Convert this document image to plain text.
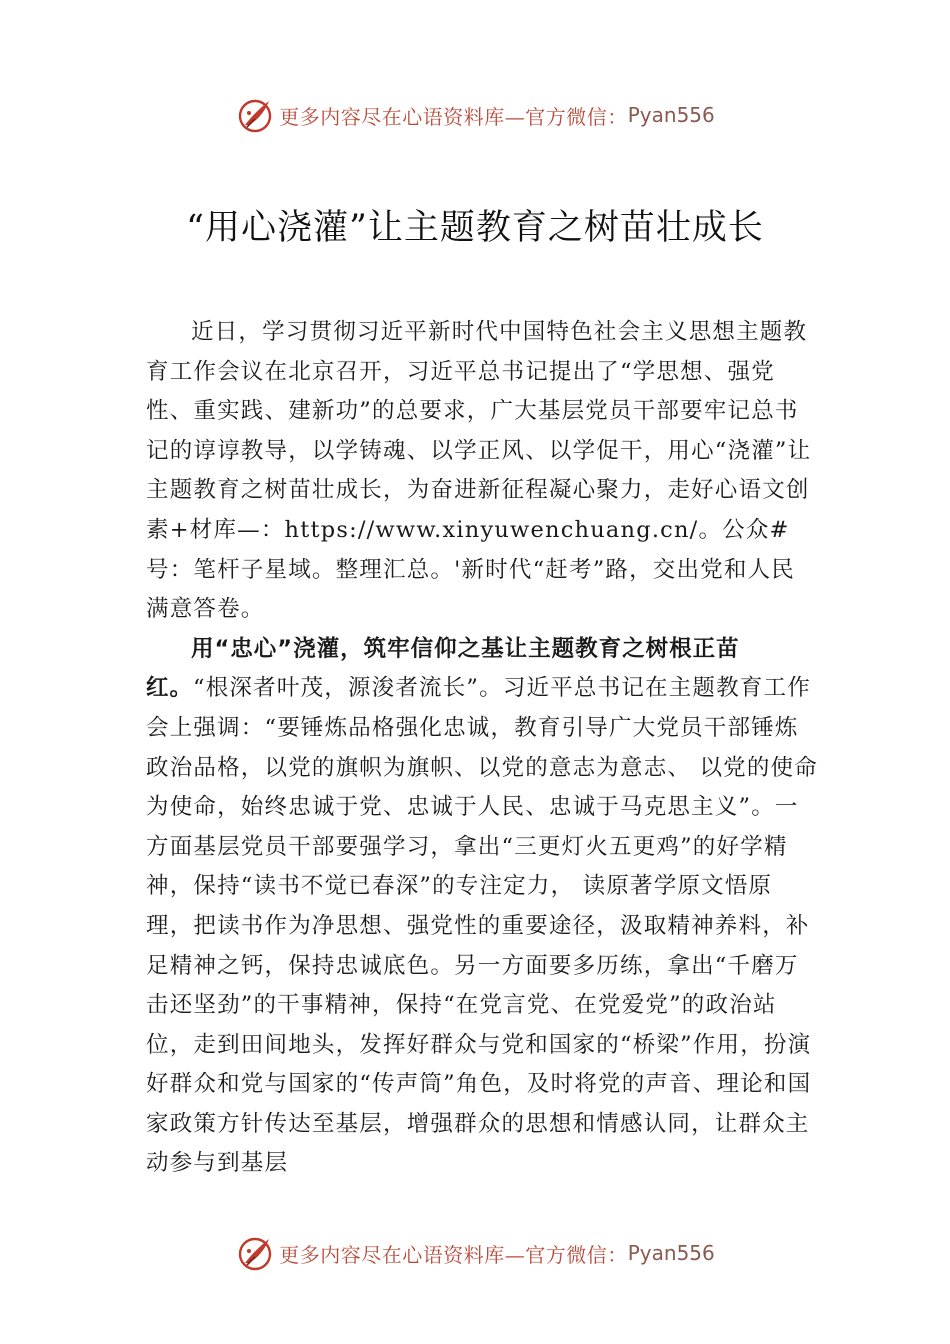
更多内容尽在心语资料库—官方微信： Pyan556
“用心浇灌”让主题教育之树苗壮成长

近日，学习贯彻习近平新时代中国特色社会主义思想主题教育工作会议在北京召开，习近平总书记提出了“学思想、强党性、重实践、建新功”的总要求，广大基层党员干部要牢记总书记的谆谆教导，以学铸魂、以学正风、以学促干，用心“浇灌”让主题教育之树苗壮成长，为奋进新征程凝心聚力，走好心语文创素+材库—：https://www.xinyuwenchuang.cn/。公众#号：笔杆子星域。整理汇总。'新时代“赶考”路，交出党和人民满意答卷。

用“忠心”浇灌，筑牢信仰之基让主题教育之树根正苗红。“根深者叶茂，源浚者流长”。习近平总书记在主题教育工作会上强调：“要锤炼品格强化忠诚，教育引导广大党员干部锤炼政治品格，以党的旗帜为旗帜、以党的意志为意志、 以党的使命为使命，始终忠诚于党、忠诚于人民、忠诚于马克思主义”。一方面基层党员干部要强学习，拿出“三更灯火五更鸡”的好学精神，保持“读书不觉已春深”的专注定力， 读原著学原文悟原理，把读书作为净思想、强党性的重要途径，汲取精神养料，补足精神之钙，保持忠诚底色。另一方面要多历练，拿出“千磨万击还坚劲”的干事精神，保持“在党言党、在党爱党”的政治站位，走到田间地头，发挥好群众与党和国家的“桥梁”作用，扮演好群众和党与国家的“传声筒”角色，及时将党的声音、理论和国家政策方针传达至基层，增强群众的思想和情感认同，让群众主动参与到基层

更多内容尽在心语资料库—官方微信： Pyan556
